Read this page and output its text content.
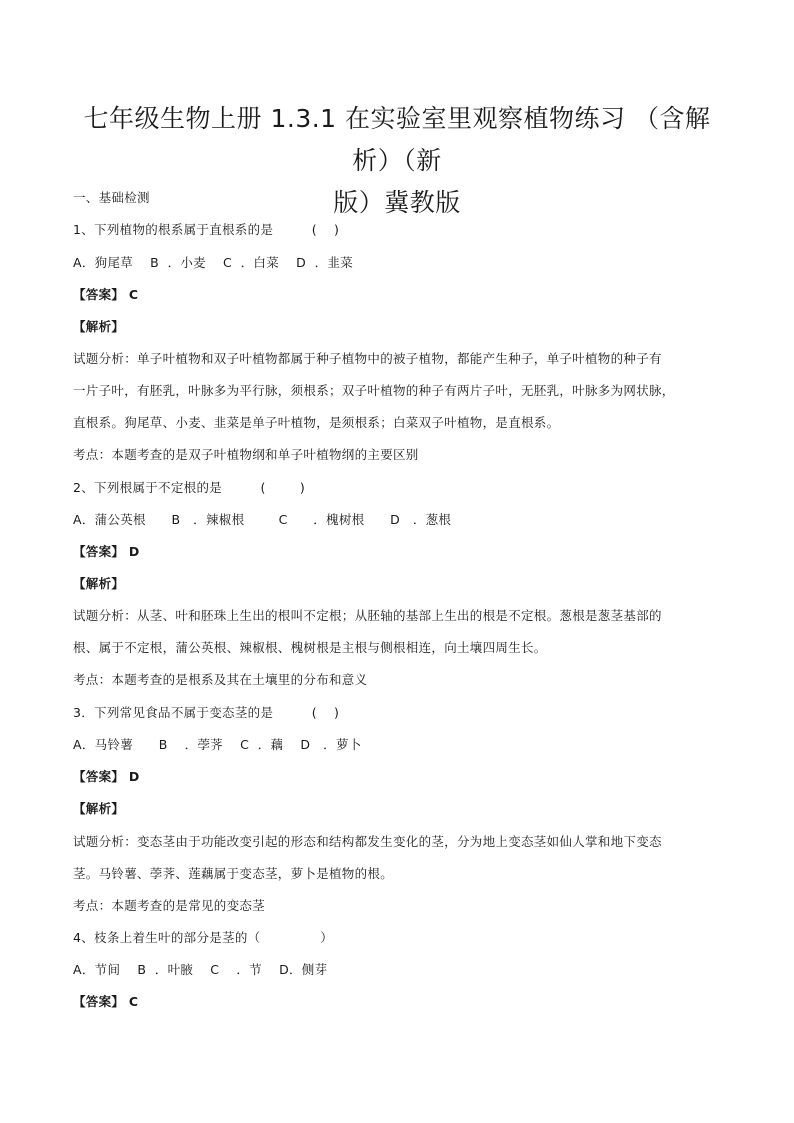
七年级生物上册 1.3.1 在实验室里观察植物练习 （含解析）（新
版）冀教版
一、基础检测
1、下列植物的根系属于直根系的是         (    )
A．狗尾草    B  ．小麦    C  ．白菜    D  ．韭菜
【答案】 C
【解析】
试题分析：单子叶植物和双子叶植物都属于种子植物中的被子植物，都能产生种子，单子叶植物的种子有
一片子叶，有胚乳，叶脉多为平行脉，须根系；双子叶植物的种子有两片子叶，无胚乳，叶脉多为网状脉，
直根系。狗尾草、小麦、韭菜是单子叶植物，是须根系；白菜双子叶植物，是直根系。
考点：本题考查的是双子叶植物纲和单子叶植物纲的主要区别
2、下列根属于不定根的是         (        )
A．蒲公英根      B   ．辣椒根        C      ．槐树根      D   ．葱根
【答案】 D
【解析】
试题分析：从茎、叶和胚珠上生出的根叫不定根；从胚轴的基部上生出的根是不定根。葱根是葱茎基部的
根、属于不定根，蒲公英根、辣椒根、槐树根是主根与侧根相连，向土壤四周生长。
考点：本题考查的是根系及其在土壤里的分布和意义
3．下列常见食品不属于变态茎的是         (    )
A．马铃薯      B    ．荸荠    C  ．藕    D   ．萝卜
【答案】 D
【解析】
试题分析：变态茎由于功能改变引起的形态和结构都发生变化的茎，分为地上变态茎如仙人掌和地下变态
茎。马铃薯、荸荠、莲藕属于变态茎，萝卜是植物的根。
考点：本题考查的是常见的变态茎
4、枝条上着生叶的部分是茎的（              ）
A．节间    B  ．叶腋    C    ．节    D．侧芽
【答案】 C
